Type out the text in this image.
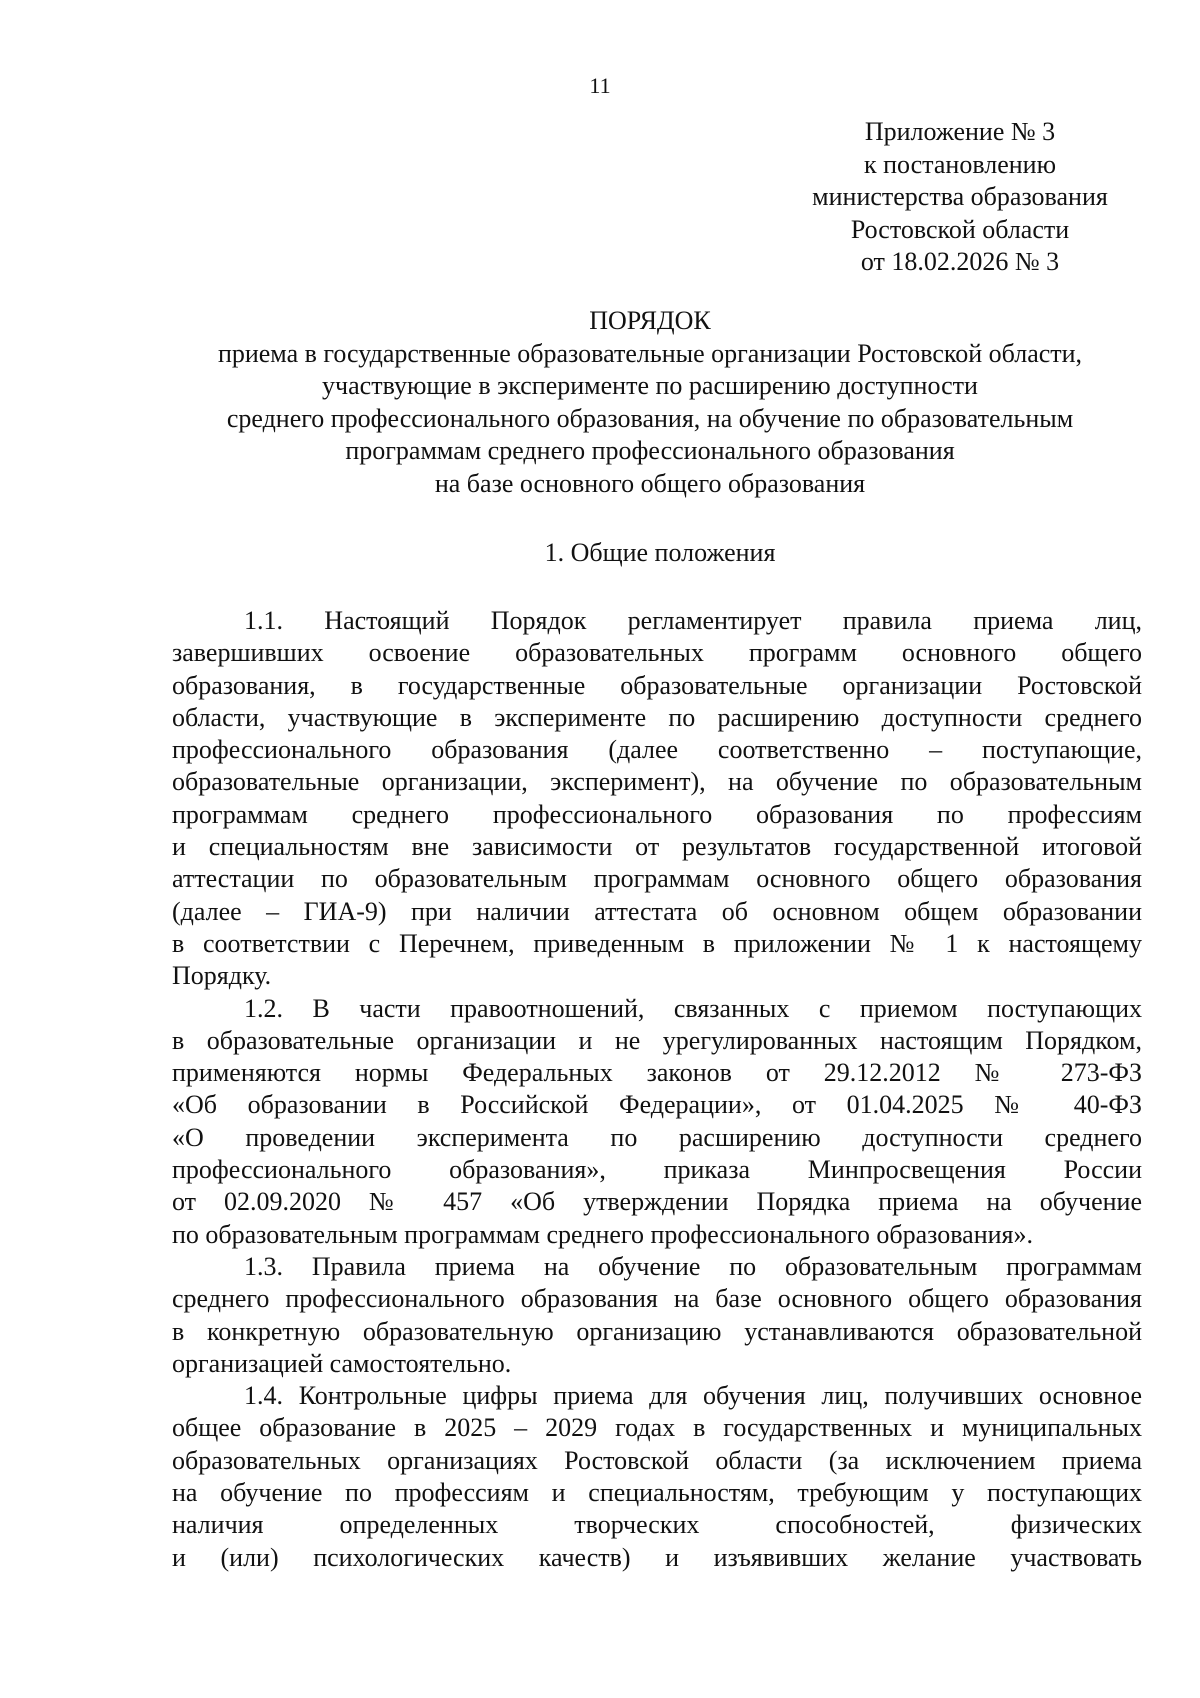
11
Приложение № 3
к постановлению
министерства образования
Ростовской области
от 18.02.2026 № 3
ПОРЯДОК
приема в государственные образовательные организации Ростовской области,
участвующие в эксперименте по расширению доступности
среднего профессионального образования, на обучение по образовательным
программам среднего профессионального образования
на базе основного общего образования
1. Общие положения
1.1. Настоящий Порядок регламентирует правила приема лиц,
завершивших освоение образовательных программ основного общего
образования, в государственные образовательные организации Ростовской
области, участвующие в эксперименте по расширению доступности среднего
профессионального образования (далее соответственно – поступающие,
образовательные организации, эксперимент), на обучение по образовательным
программам среднего профессионального образования по профессиям
и специальностям вне зависимости от результатов государственной итоговой
аттестации по образовательным программам основного общего образования
(далее – ГИА-9) при наличии аттестата об основном общем образовании
в соответствии с Перечнем, приведенным в приложении № 1 к настоящему
Порядку.
1.2. В части правоотношений, связанных с приемом поступающих
в образовательные организации и не урегулированных настоящим Порядком,
применяются нормы Федеральных законов от 29.12.2012 № 273-ФЗ
«Об образовании в Российской Федерации», от 01.04.2025 № 40-ФЗ
«О проведении эксперимента по расширению доступности среднего
профессионального образования», приказа Минпросвещения России
от 02.09.2020 № 457 «Об утверждении Порядка приема на обучение
по образовательным программам среднего профессионального образования».
1.3. Правила приема на обучение по образовательным программам
среднего профессионального образования на базе основного общего образования
в конкретную образовательную организацию устанавливаются образовательной
организацией самостоятельно.
1.4. Контрольные цифры приема для обучения лиц, получивших основное
общее образование в 2025 – 2029 годах в государственных и муниципальных
образовательных организациях Ростовской области (за исключением приема
на обучение по профессиям и специальностям, требующим у поступающих
наличия определенных творческих способностей, физических
и (или) психологических качеств) и изъявивших желание участвовать
